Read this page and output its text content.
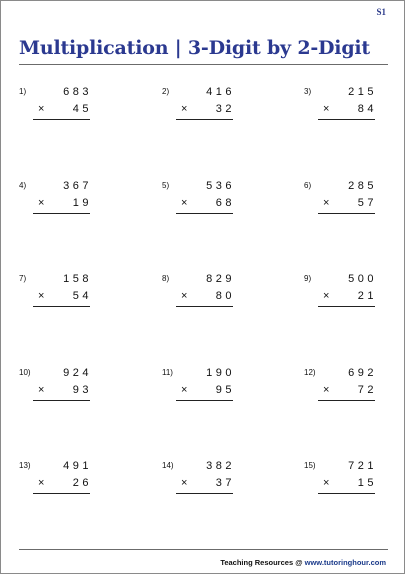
S1
Multiplication | 3-Digit by 2-Digit
1)	683
×	45
2)	416
×	32
3)	215
×	84
4)	367
×	19
5)	536
×	68
6)	285
×	57
7)	158
×	54
8)	829
×	80
9)	500
×	21
10)	924
×	93
11)	190
×	95
12)	692
×	72
13)	491
×	26
14)	382
×	37
15)	721
×	15
Teaching Resources @ www.tutoringhour.com
